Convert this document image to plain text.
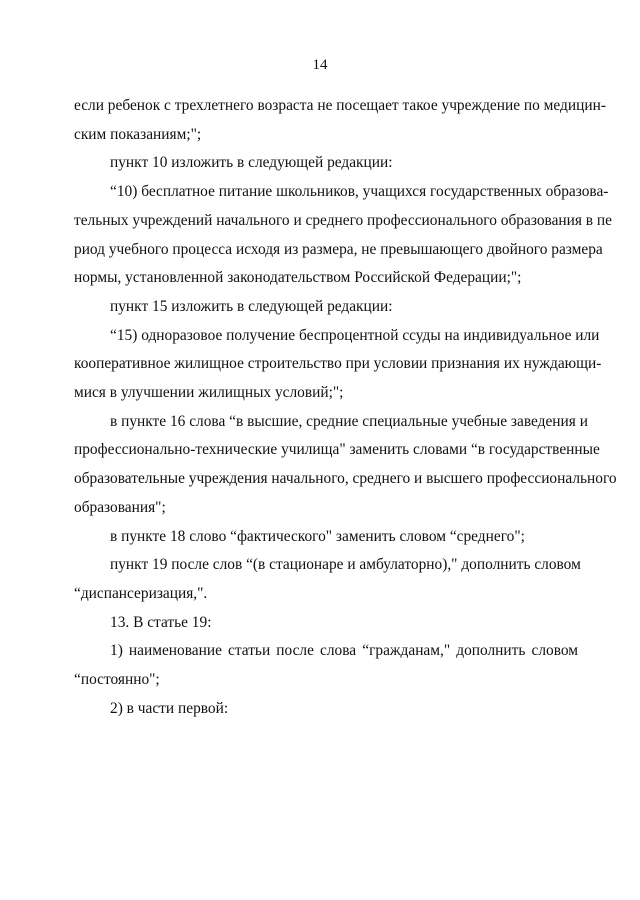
14
если ребенок с трехлетнего возраста не посещает такое учреждение по медицин-
ским показаниям;";
пункт 10 изложить в следующей редакции:
“10) бесплатное питание школьников, учащихся государственных образова-
тельных учреждений начального и среднего профессионального образования в пе
риод учебного процесса исходя из размера, не превышающего двойного размера
нормы, установленной законодательством Российской Федерации;";
пункт 15 изложить в следующей редакции:
“15) одноразовое получение беспроцентной ссуды на индивидуальное или
кооперативное жилищное строительство при условии признания их нуждающи-
мися в улучшении жилищных условий;";
в пункте 16 слова “в высшие, средние специальные учебные заведения и
профессионально-технические училища" заменить словами “в государственные
образовательные учреждения начального, среднего и высшего профессионального
образования";
в пункте 18 слово “фактического" заменить словом “среднего";
пункт 19 после слов “(в стационаре и амбулаторно)," дополнить словом
“диспансеризация,".
13. В статье 19:
1) наименование статьи после слова “гражданам," дополнить словом
“постоянно";
2) в части первой:
